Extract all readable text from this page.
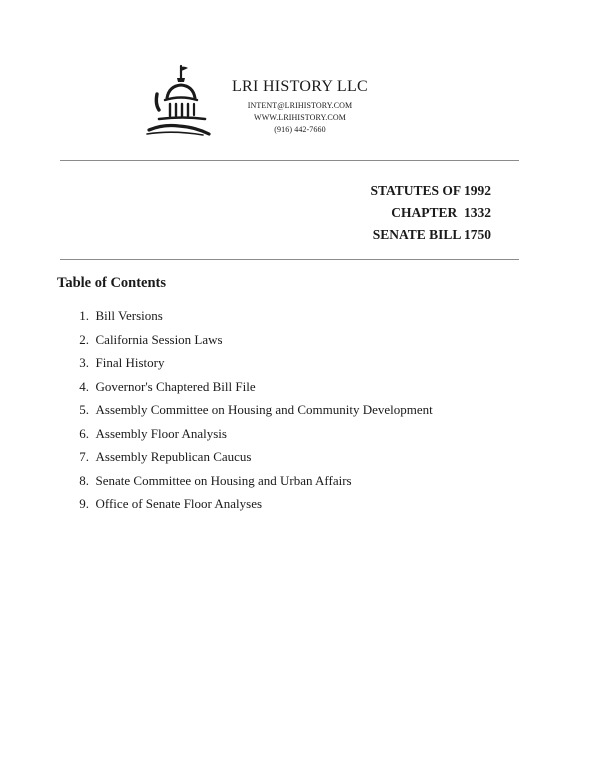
LRI HISTORY LLC
INTENT@LRIHISTORY.COM
WWW.LRIHISTORY.COM
(916) 442-7660
STATUTES OF 1992
CHAPTER  1332
SENATE BILL 1750
Table of Contents
1.
Bill Versions
2.
California Session Laws
3.
Final History
4.
Governor's Chaptered Bill File
5.
Assembly Committee on Housing and Community Development
6.
Assembly Floor Analysis
7.
Assembly Republican Caucus
8.
Senate Committee on Housing and Urban Affairs
9.
Office of Senate Floor Analyses
